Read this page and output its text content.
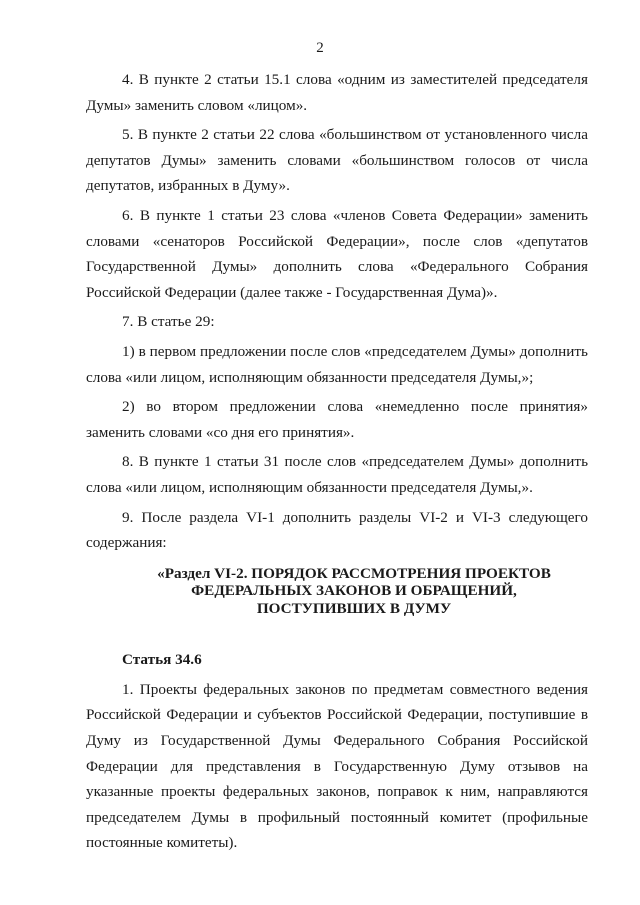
2

4. В пункте 2 статьи 15.1 слова «одним из заместителей председателя Думы» заменить словом «лицом».

5. В пункте 2 статьи 22 слова «большинством от установленного числа депутатов Думы» заменить словами «большинством голосов от числа депутатов, избранных в Думу».

6. В пункте 1 статьи 23 слова «членов Совета Федерации» заменить словами «сенаторов Российской Федерации», после слов «депутатов Государственной Думы» дополнить слова «Федерального Собрания Российской Федерации (далее также - Государственная Дума)».

7. В статье 29:

1) в первом предложении после слов «председателем Думы» дополнить слова «или лицом, исполняющим обязанности председателя Думы,»;

2) во втором предложении слова «немедленно после принятия» заменить словами «со дня его принятия».

8. В пункте 1 статьи 31 после слов «председателем Думы» дополнить слова «или лицом, исполняющим обязанности председателя Думы,».

9. После раздела VI-1 дополнить разделы VI-2 и VI-3 следующего содержания:

«Раздел VI-2. ПОРЯДОК РАССМОТРЕНИЯ ПРОЕКТОВ
ФЕДЕРАЛЬНЫХ ЗАКОНОВ И ОБРАЩЕНИЙ,
ПОСТУПИВШИХ В ДУМУ
Статья 34.6

1. Проекты федеральных законов по предметам совместного ведения Российской Федерации и субъектов Российской Федерации, поступившие в Думу из Государственной Думы Федерального Собрания Российской Федерации для представления в Государственную Думу отзывов на указанные проекты федеральных законов, поправок к ним, направляются председателем Думы в профильный постоянный комитет (профильные постоянные комитеты).
